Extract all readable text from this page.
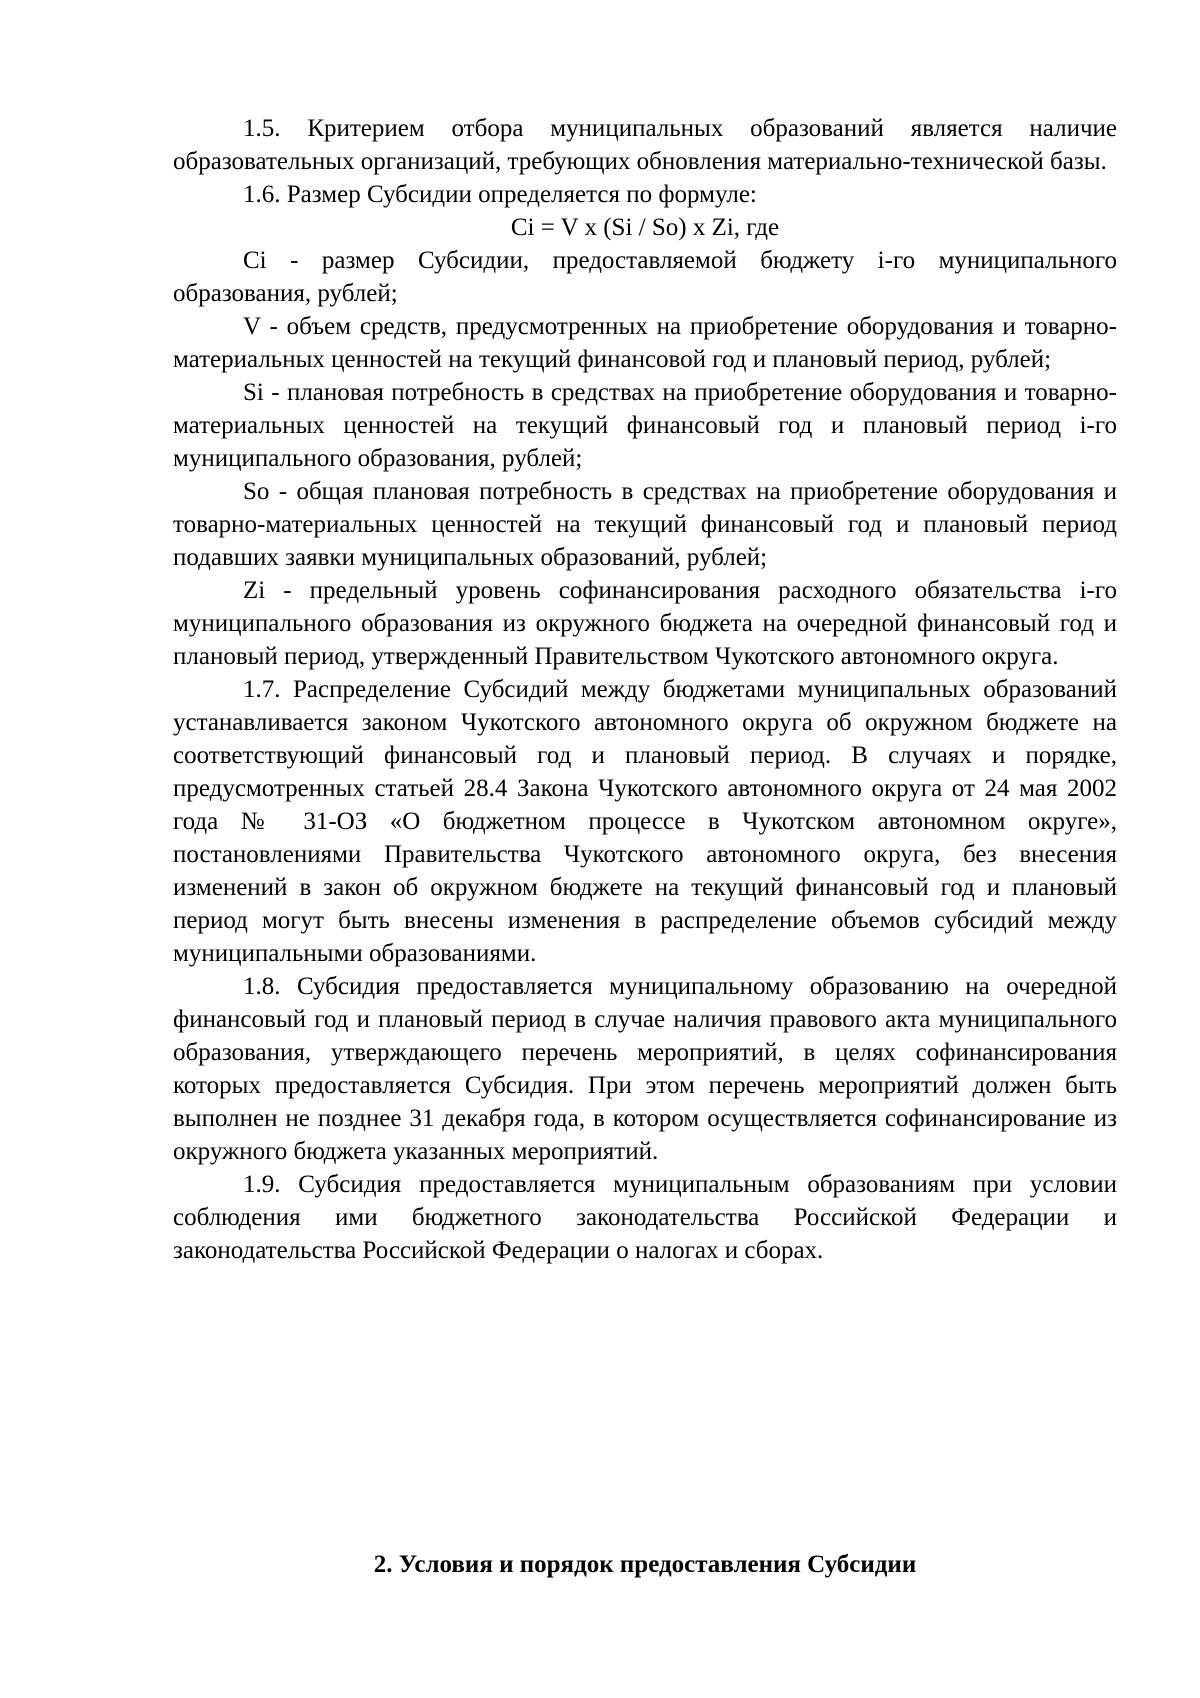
1.5. Критерием отбора муниципальных образований является наличие образовательных организаций, требующих обновления материально-технической базы.

1.6. Размер Субсидии определяется по формуле:

Ci = V x (Si / So) x Zi, где

Ci - размер Субсидии, предоставляемой бюджету i-го муниципального образования, рублей;

V - объем средств, предусмотренных на приобретение оборудования и товарно-материальных ценностей на текущий финансовой год и плановый период, рублей;

Si - плановая потребность в средствах на приобретение оборудования и товарно-материальных ценностей на текущий финансовый год и плановый период i-го муниципального образования, рублей;

So - общая плановая потребность в средствах на приобретение оборудования и товарно-материальных ценностей на текущий финансовый год и плановый период подавших заявки муниципальных образований, рублей;

Zi - предельный уровень софинансирования расходного обязательства i-го муниципального образования из окружного бюджета на очередной финансовый год и плановый период, утвержденный Правительством Чукотского автономного округа.

1.7. Распределение Субсидий между бюджетами муниципальных образований устанавливается законом Чукотского автономного округа об окружном бюджете на соответствующий финансовый год и плановый период. В случаях и порядке, предусмотренных статьей 28.4 Закона Чукотского автономного округа от 24 мая 2002 года № 31-ОЗ «О бюджетном процессе в Чукотском автономном округе», постановлениями Правительства Чукотского автономного округа, без внесения изменений в закон об окружном бюджете на текущий финансовый год и плановый период могут быть внесены изменения в распределение объемов субсидий между муниципальными образованиями.

1.8. Субсидия предоставляется муниципальному образованию на очередной финансовый год и плановый период в случае наличия правового акта муниципального образования, утверждающего перечень мероприятий, в целях софинансирования которых предоставляется Субсидия. При этом перечень мероприятий должен быть выполнен не позднее 31 декабря года, в котором осуществляется софинансирование из окружного бюджета указанных мероприятий.

1.9. Субсидия предоставляется муниципальным образованиям при условии соблюдения ими бюджетного законодательства Российской Федерации и законодательства Российской Федерации о налогах и сборах.

2. Условия и порядок предоставления Субсидии
